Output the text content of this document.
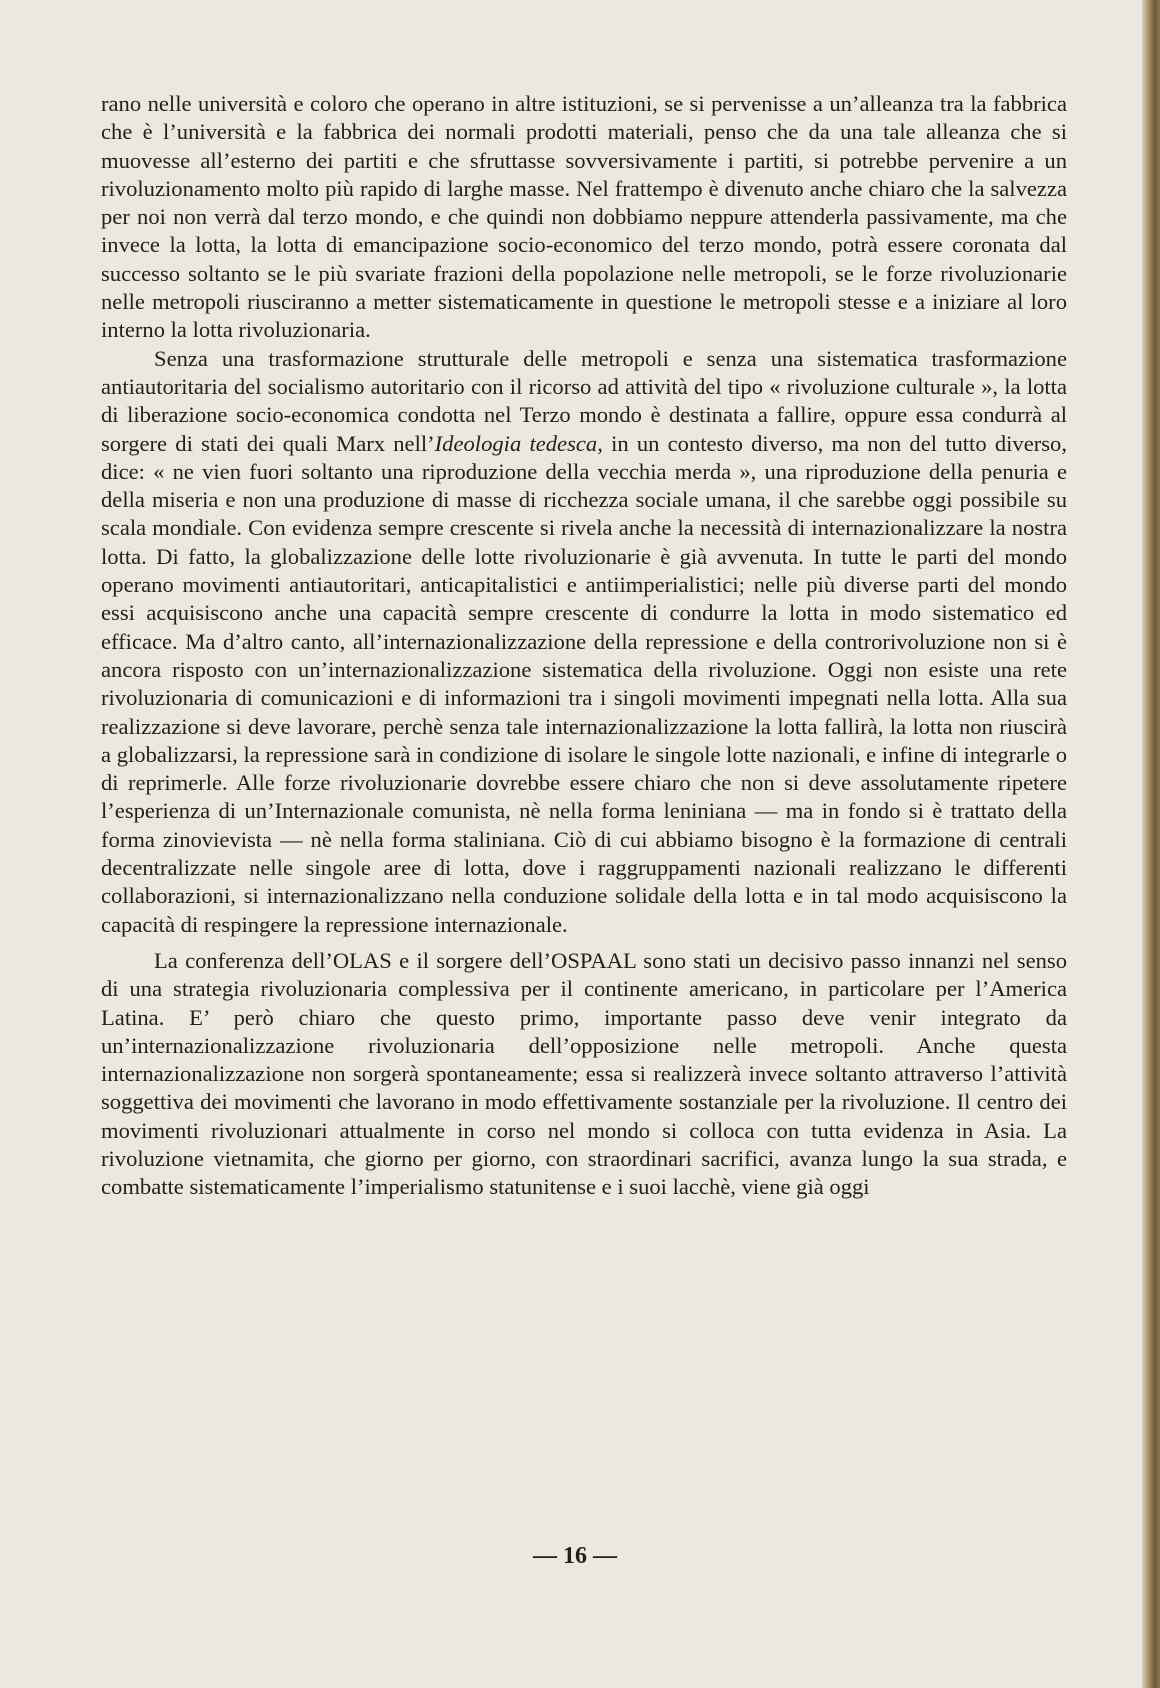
rano nelle università e coloro che operano in altre istituzioni, se si pervenisse a un’alleanza tra la fabbrica che è l’università e la fabbrica dei normali prodotti materiali, penso che da una tale alleanza che si muovesse all’esterno dei partiti e che sfruttasse sovversivamente i partiti, si potrebbe pervenire a un rivoluzionamento molto più rapido di larghe masse. Nel frattempo è divenuto anche chiaro che la salvezza per noi non verrà dal terzo mondo, e che quindi non dobbiamo neppure attenderla passivamente, ma che invece la lotta, la lotta di emancipazione socio-economico del terzo mondo, potrà essere coronata dal successo soltanto se le più svariate frazioni della popolazione nelle metropoli, se le forze rivoluzionarie nelle metropoli riusciranno a metter sistematicamente in questione le metropoli stesse e a iniziare al loro interno la lotta rivoluzionaria.

Senza una trasformazione strutturale delle metropoli e senza una sistematica trasformazione antiautoritaria del socialismo autoritario con il ricorso ad attività del tipo « rivoluzione culturale », la lotta di liberazione socio-economica condotta nel Terzo mondo è destinata a fallire, oppure essa condurrà al sorgere di stati dei quali Marx nell’Ideologia tedesca, in un contesto diverso, ma non del tutto diverso, dice: « ne vien fuori soltanto una riproduzione della vecchia merda », una riproduzione della penuria e della miseria e non una produzione di masse di ricchezza sociale umana, il che sarebbe oggi possibile su scala mondiale. Con evidenza sempre crescente si rivela anche la necessità di internazionalizzare la nostra lotta. Di fatto, la globalizzazione delle lotte rivoluzionarie è già avvenuta. In tutte le parti del mondo operano movimenti antiautoritari, anticapitalistici e antiimperialistici; nelle più diverse parti del mondo essi acquisiscono anche una capacità sempre crescente di condurre la lotta in modo sistematico ed efficace. Ma d’altro canto, all’internazionalizzazione della repressione e della controrivoluzione non si è ancora risposto con un’internazionalizzazione sistematica della rivoluzione. Oggi non esiste una rete rivoluzionaria di comunicazioni e di informazioni tra i singoli movimenti impegnati nella lotta. Alla sua realizzazione si deve lavorare, perchè senza tale internazionalizzazione la lotta fallirà, la lotta non riuscirà a globalizzarsi, la repressione sarà in condizione di isolare le singole lotte nazionali, e infine di integrarle o di reprimerle. Alle forze rivoluzionarie dovrebbe essere chiaro che non si deve assolutamente ripetere l’esperienza di un’Internazionale comunista, nè nella forma leniniana — ma in fondo si è trattato della forma zinovievista — nè nella forma staliniana. Ciò di cui abbiamo bisogno è la formazione di centrali decentralizzate nelle singole aree di lotta, dove i raggruppamenti nazionali realizzano le differenti collaborazioni, si internazionalizzano nella conduzione solidale della lotta e in tal modo acquisiscono la capacità di respingere la repressione internazionale.

La conferenza dell’OLAS e il sorgere dell’OSPAAL sono stati un decisivo passo innanzi nel senso di una strategia rivoluzionaria complessiva per il continente americano, in particolare per l’America Latina. E’ però chiaro che questo primo, importante passo deve venir integrato da un’internazionalizzazione rivoluzionaria dell’opposizione nelle metropoli. Anche questa internazionalizzazione non sorgerà spontaneamente; essa si realizzerà invece soltanto attraverso l’attività soggettiva dei movimenti che lavorano in modo effettivamente sostanziale per la rivoluzione. Il centro dei movimenti rivoluzionari attualmente in corso nel mondo si colloca con tutta evidenza in Asia. La rivoluzione vietnamita, che giorno per giorno, con straordinari sacrifici, avanza lungo la sua strada, e combatte sistematicamente l’imperialismo statunitense e i suoi lacchè, viene già oggi

— 16 —
